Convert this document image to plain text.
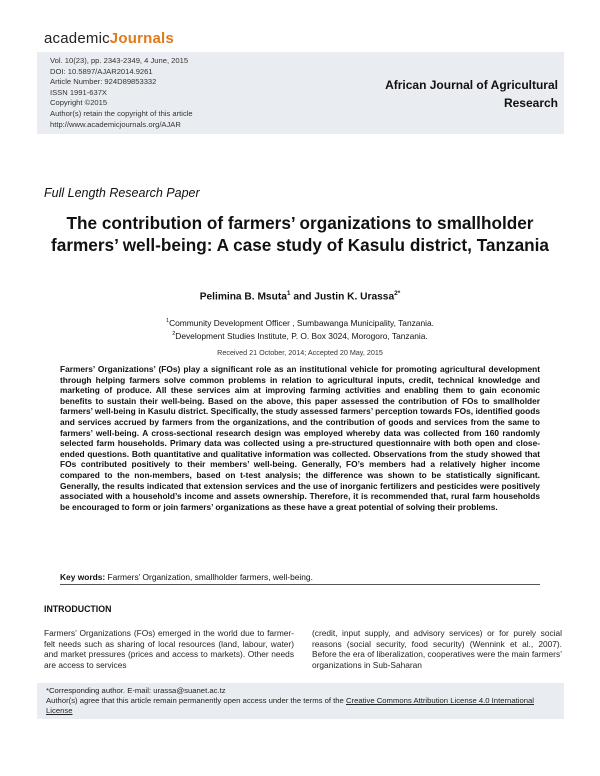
academicJournals
Vol. 10(23), pp. 2343-2349, 4 June, 2015
DOI: 10.5897/AJAR2014.9261
Article Number: 924D89853332
ISSN 1991-637X
Copyright ©2015
Author(s) retain the copyright of this article
http://www.academicjournals.org/AJAR
African Journal of Agricultural
Research
Full Length Research Paper
The contribution of farmers’ organizations to smallholder farmers’ well-being: A case study of Kasulu district, Tanzania
Pelimina B. Msuta$^1$ and Justin K. Urassa$^{2*}$
$^1$Community Development Officer , Sumbawanga Municipality, Tanzania.
$^2$Development Studies Institute, P. O. Box 3024, Morogoro, Tanzania.
Received 21 October, 2014; Accepted 20 May, 2015
Farmers’ Organizations’ (FOs) play a significant role as an institutional vehicle for promoting agricultural development through helping farmers solve common problems in relation to agricultural inputs, credit, technical knowledge and marketing of produce. All these services aim at improving farming activities and enabling them to gain economic benefits to sustain their well-being. Based on the above, this paper assessed the contribution of FOs to smallholder farmers’ well-being in Kasulu district. Specifically, the study assessed farmers’ perception towards FOs, identified goods and services accrued by farmers from the organizations, and the contribution of goods and services from the same to farmers’ well-being. A cross-sectional research design was employed whereby data was collected from 160 randomly selected farm households. Primary data was collected using a pre-structured questionnaire with both open and close-ended questions. Both quantitative and qualitative information was collected. Observations from the study showed that FOs contributed positively to their members’ well-being. Generally, FO’s members had a relatively higher income compared to the non-members, based on t-test analysis; the difference was shown to be statistically significant. Generally, the results indicated that extension services and the use of inorganic fertilizers and pesticides were positively associated with a household’s income and assets ownership. Therefore, it is recommended that, rural farm households be encouraged to form or join farmers’ organizations as these have a great potential of solving their problems.
Key words: Farmers’ Organization, smallholder farmers, well-being.
INTRODUCTION
Farmers’ Organizations (FOs) emerged in the world due to farmer-felt needs such as sharing of local resources (land, labour, water) and market pressures (prices and access to markets). Other needs are access to services
(credit, input supply, and advisory services) or for purely social reasons (social security, food security) (Wennink et al., 2007). Before the era of liberalization, cooperatives were the main farmers’ organizations in Sub-Saharan
*Corresponding author. E-mail: urassa@suanet.ac.tz
Author(s) agree that this article remain permanently open access under the terms of the Creative Commons Attribution License 4.0 International License
